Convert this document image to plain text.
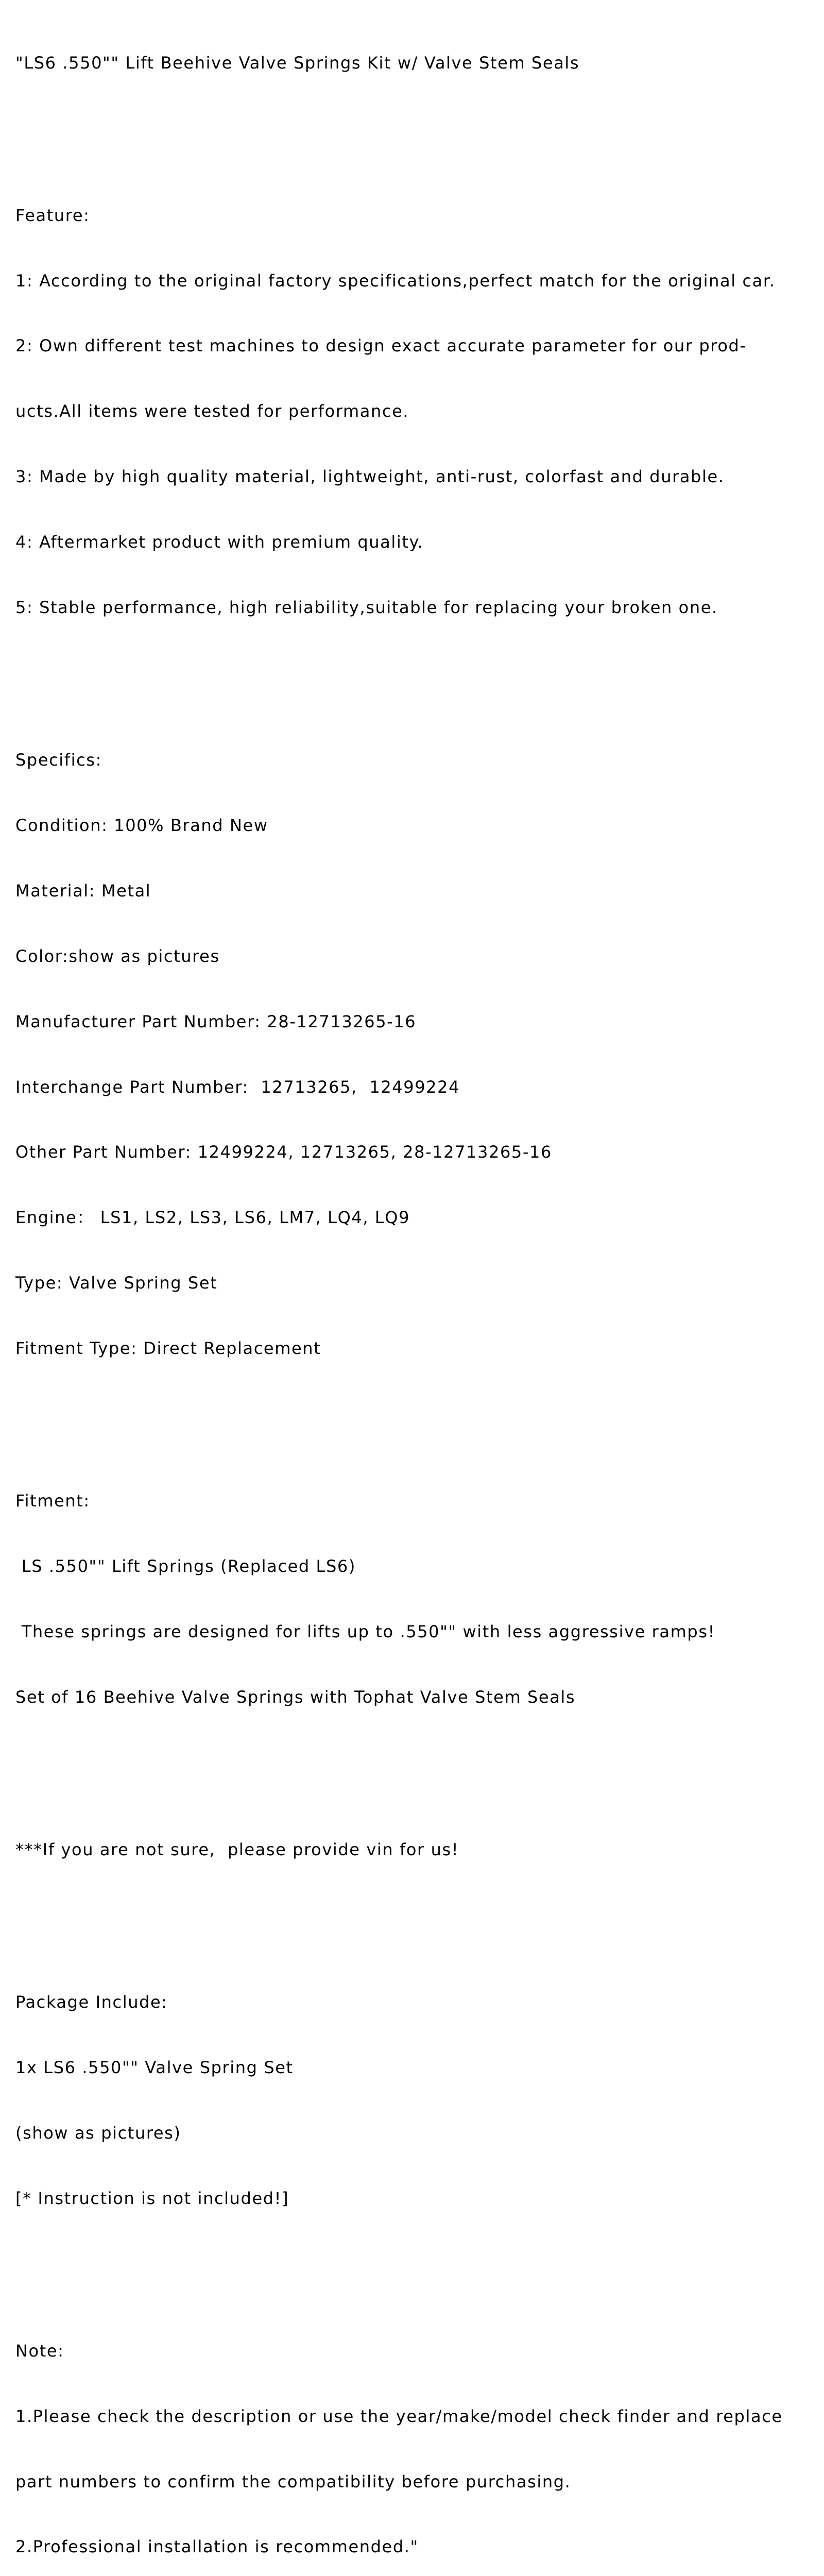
"LS6 .550"" Lift Beehive Valve Springs Kit w/ Valve Stem Seals

Feature:

1: According to the original factory specifications,perfect match for the original car.

2: Own different test machines to design exact accurate parameter for our prod-

ucts.All items were tested for performance.

3: Made by high quality material, lightweight, anti-rust, colorfast and durable.

4: Aftermarket product with premium quality.

5: Stable performance, high reliability,suitable for replacing your broken one.

Specifics:

Condition: 100% Brand New

Material: Metal

Color:show as pictures

Manufacturer Part Number: 28-12713265-16

Interchange Part Number:  12713265,  12499224

Other Part Number: 12499224, 12713265, 28-12713265-16

Engine： LS1, LS2, LS3, LS6, LM7, LQ4, LQ9

Type: Valve Spring Set

Fitment Type: Direct Replacement

Fitment:

LS .550"" Lift Springs (Replaced LS6)

These springs are designed for lifts up to .550"" with less aggressive ramps!

Set of 16 Beehive Valve Springs with Tophat Valve Stem Seals

***If you are not sure,  please provide vin for us!

Package Include:

1x LS6 .550"" Valve Spring Set

(show as pictures)

[* Instruction is not included!]

Note:

1.Please check the description or use the year/make/model check finder and replace

part numbers to confirm the compatibility before purchasing.

2.Professional installation is recommended."
